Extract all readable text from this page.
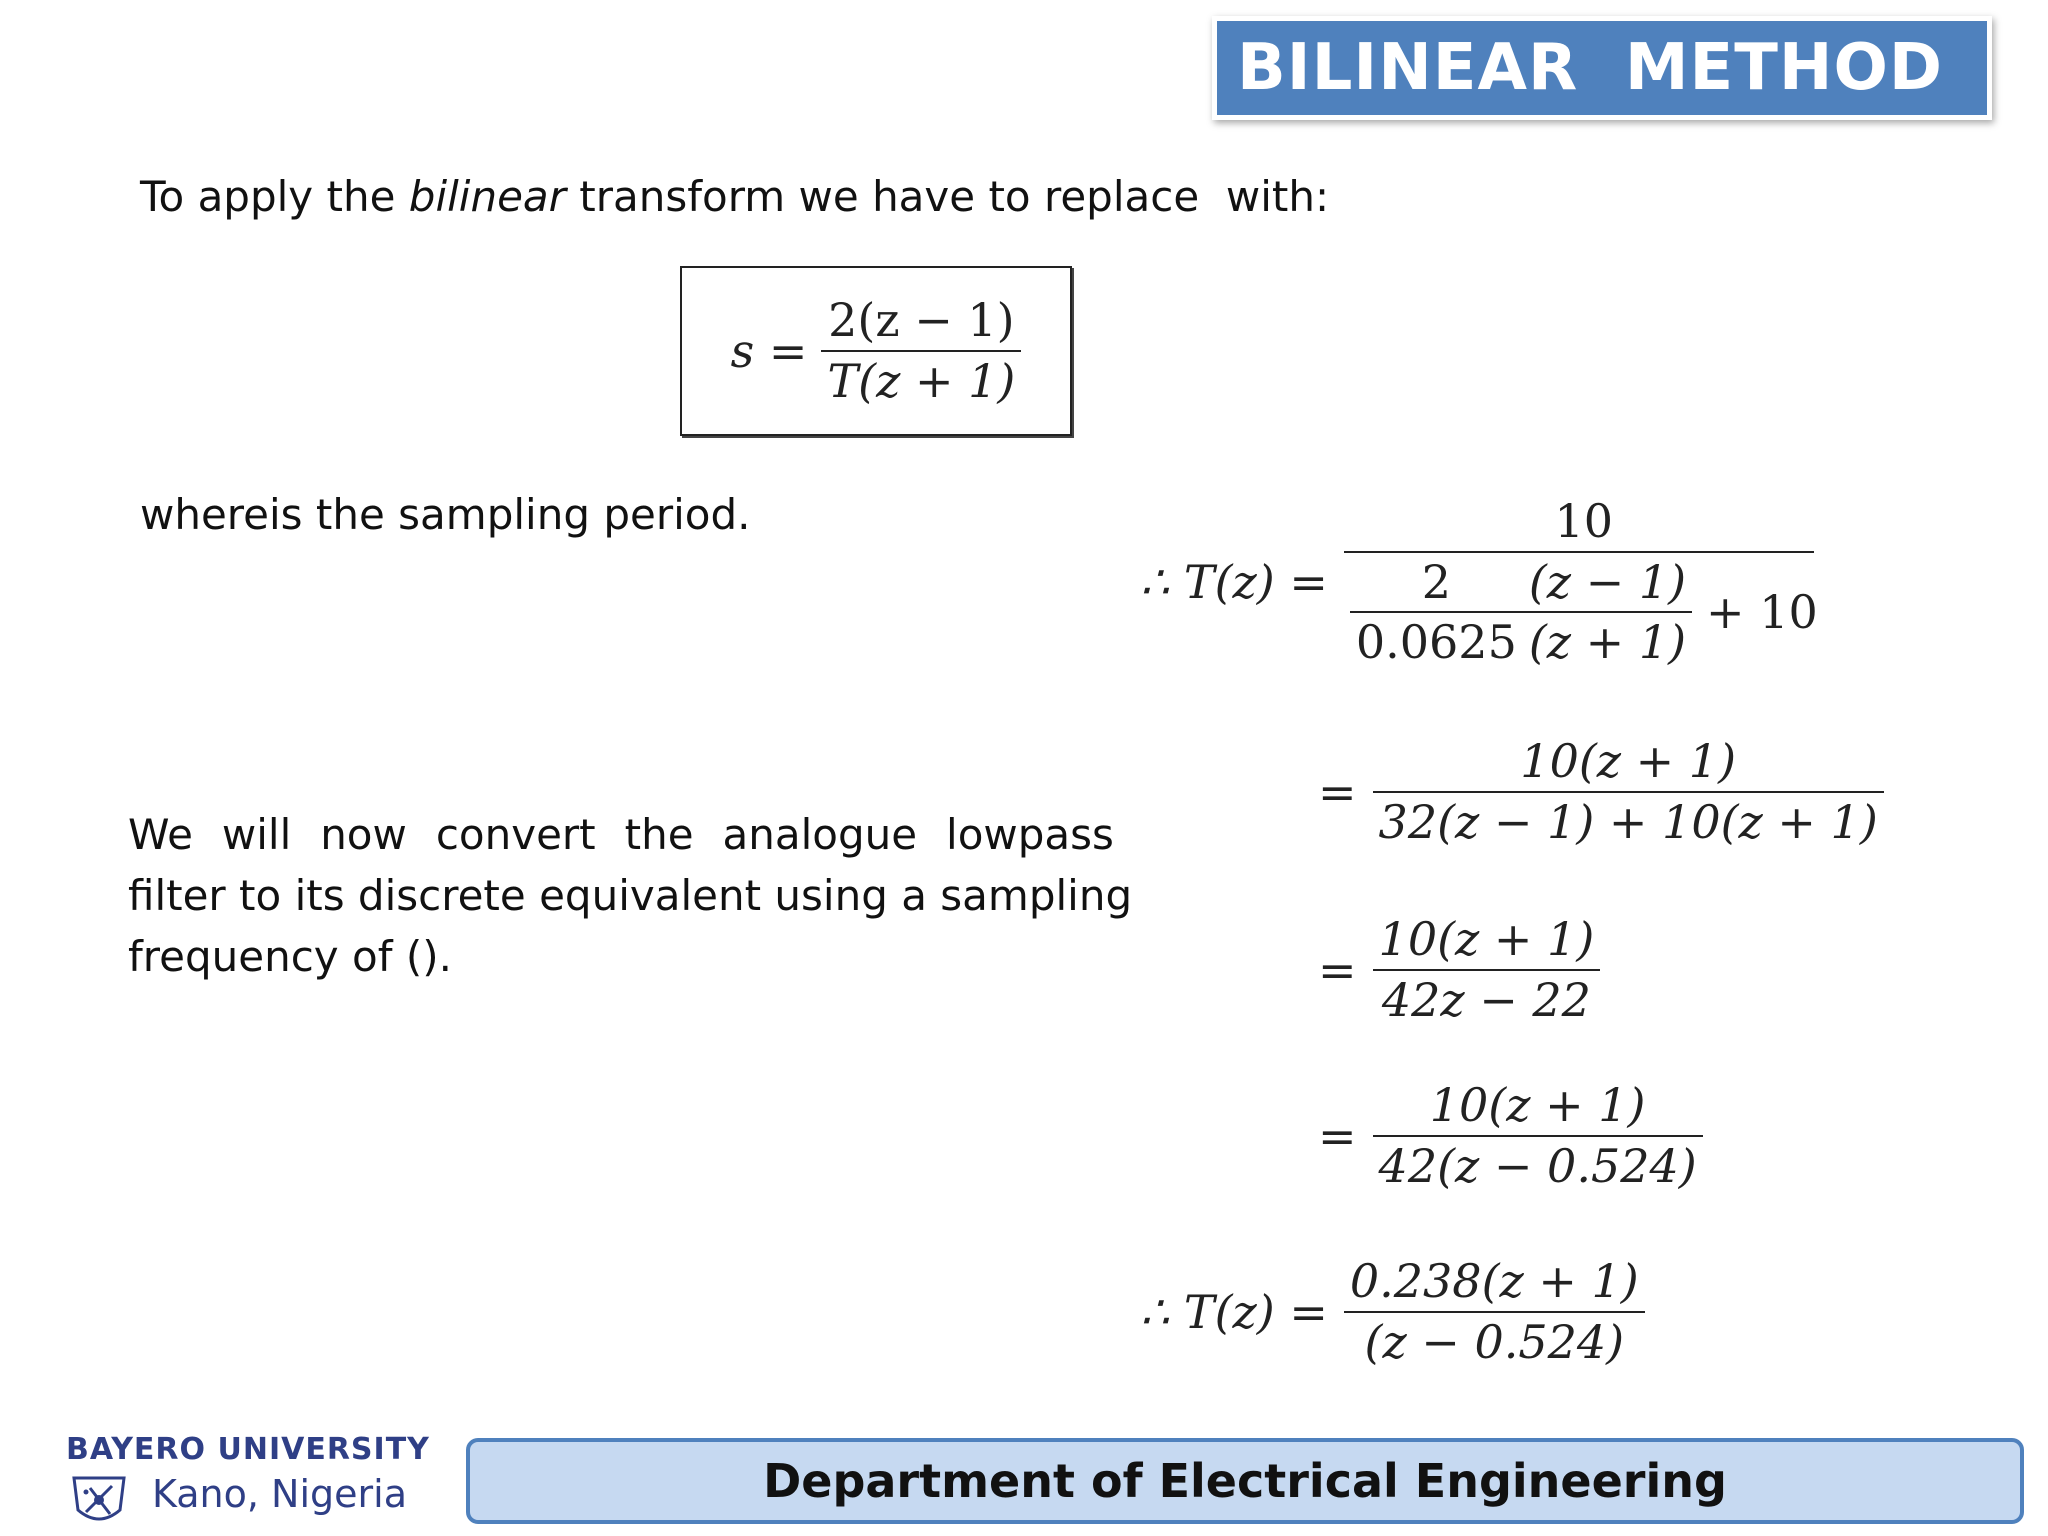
BILINEAR  METHOD
To apply the bilinear transform we have to replace  with:
$s = \frac{2(z - 1)}{T(z + 1)}$
whereis the sampling period.
We will now convert the analogue lowpass
filter to its discrete equivalent using a sampling
frequency of ().
∴ T(z) =
10
$\frac{2}{0.0625} \frac{(z - 1)}{(z + 1)} + 10$
= $\frac{10(z + 1)}{32(z - 1) + 10(z + 1)}$
= $\frac{10(z + 1)}{42z - 22}$
= $\frac{10(z + 1)}{42(z - 0.524)}$
∴ $T(z) = \frac{0.238(z + 1)}{(z - 0.524)}$
BAYERO UNIVERSITY
Kano, Nigeria	Department of Electrical Engineering
